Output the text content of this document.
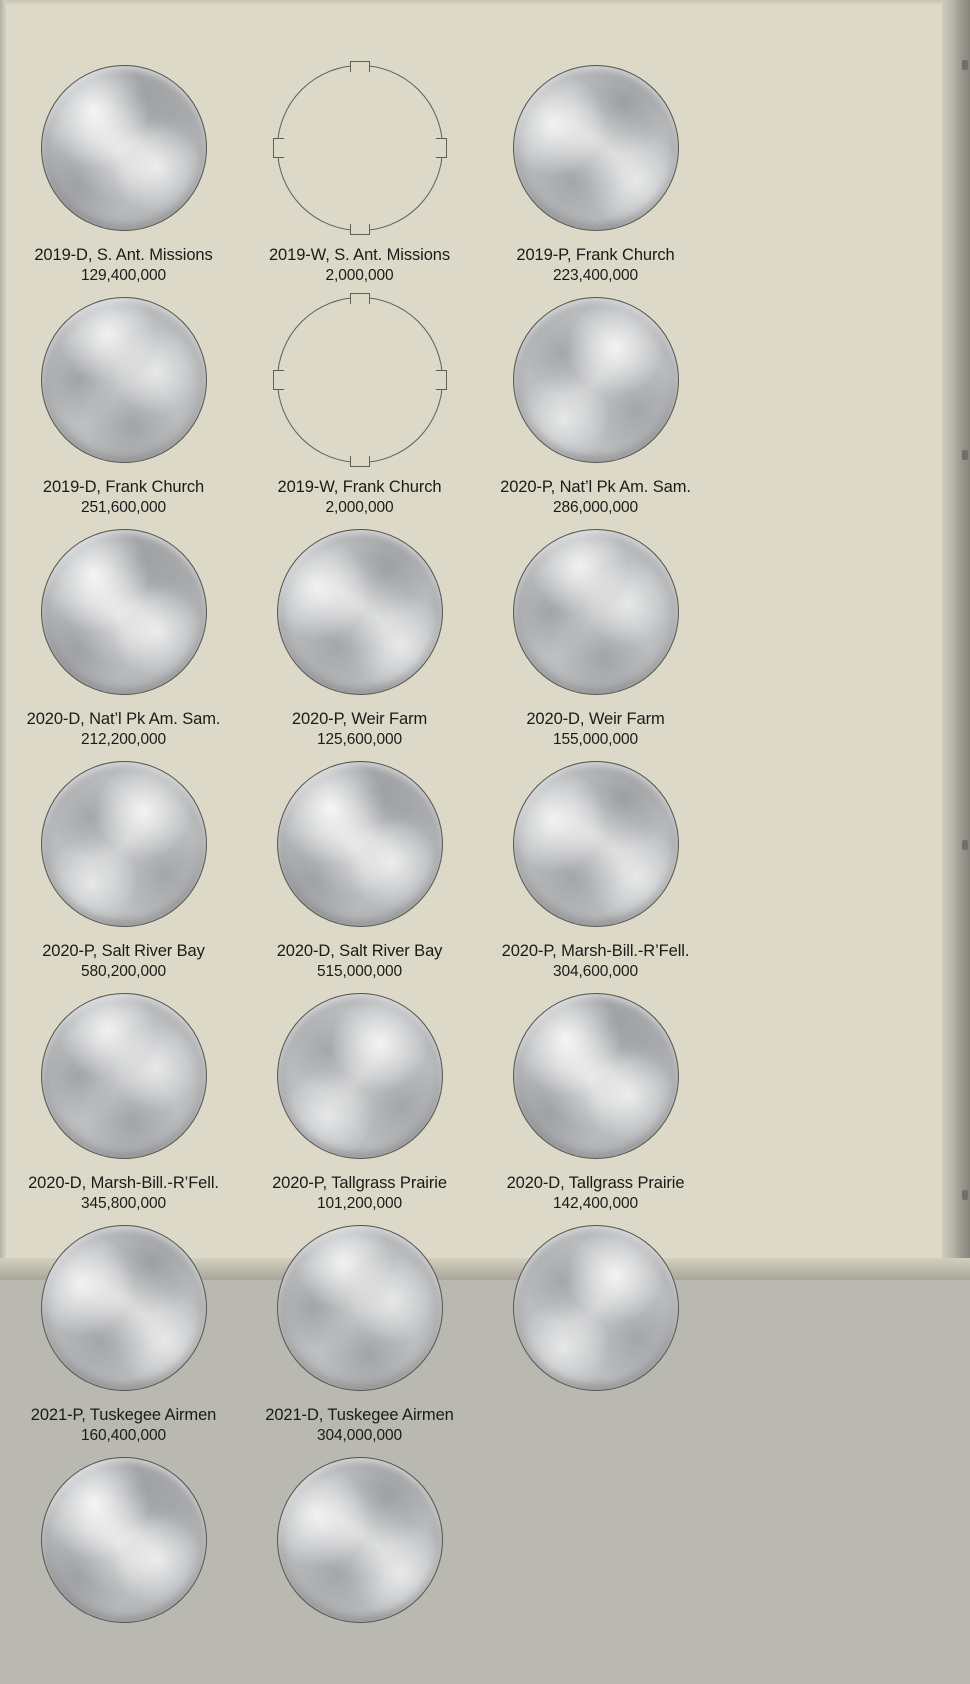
2019-D, S. Ant. Missions
129,400,000
2019-W, S. Ant. Missions
2,000,000
2019-P, Frank Church
223,400,000
2019-D, Frank Church
251,600,000
2019-W, Frank Church
2,000,000
2020-P, Nat’l Pk Am. Sam.
286,000,000
2020-D, Nat’l Pk Am. Sam.
212,200,000
2020-P, Weir Farm
125,600,000
2020-D, Weir Farm
155,000,000
2020-P, Salt River Bay
580,200,000
2020-D, Salt River Bay
515,000,000
2020-P, Marsh-Bill.-R’Fell.
304,600,000
2020-D, Marsh-Bill.-R’Fell.
345,800,000
2020-P, Tallgrass Prairie
101,200,000
2020-D, Tallgrass Prairie
142,400,000
2021-P, Tuskegee Airmen
160,400,000
2021-D, Tuskegee Airmen
304,000,000
